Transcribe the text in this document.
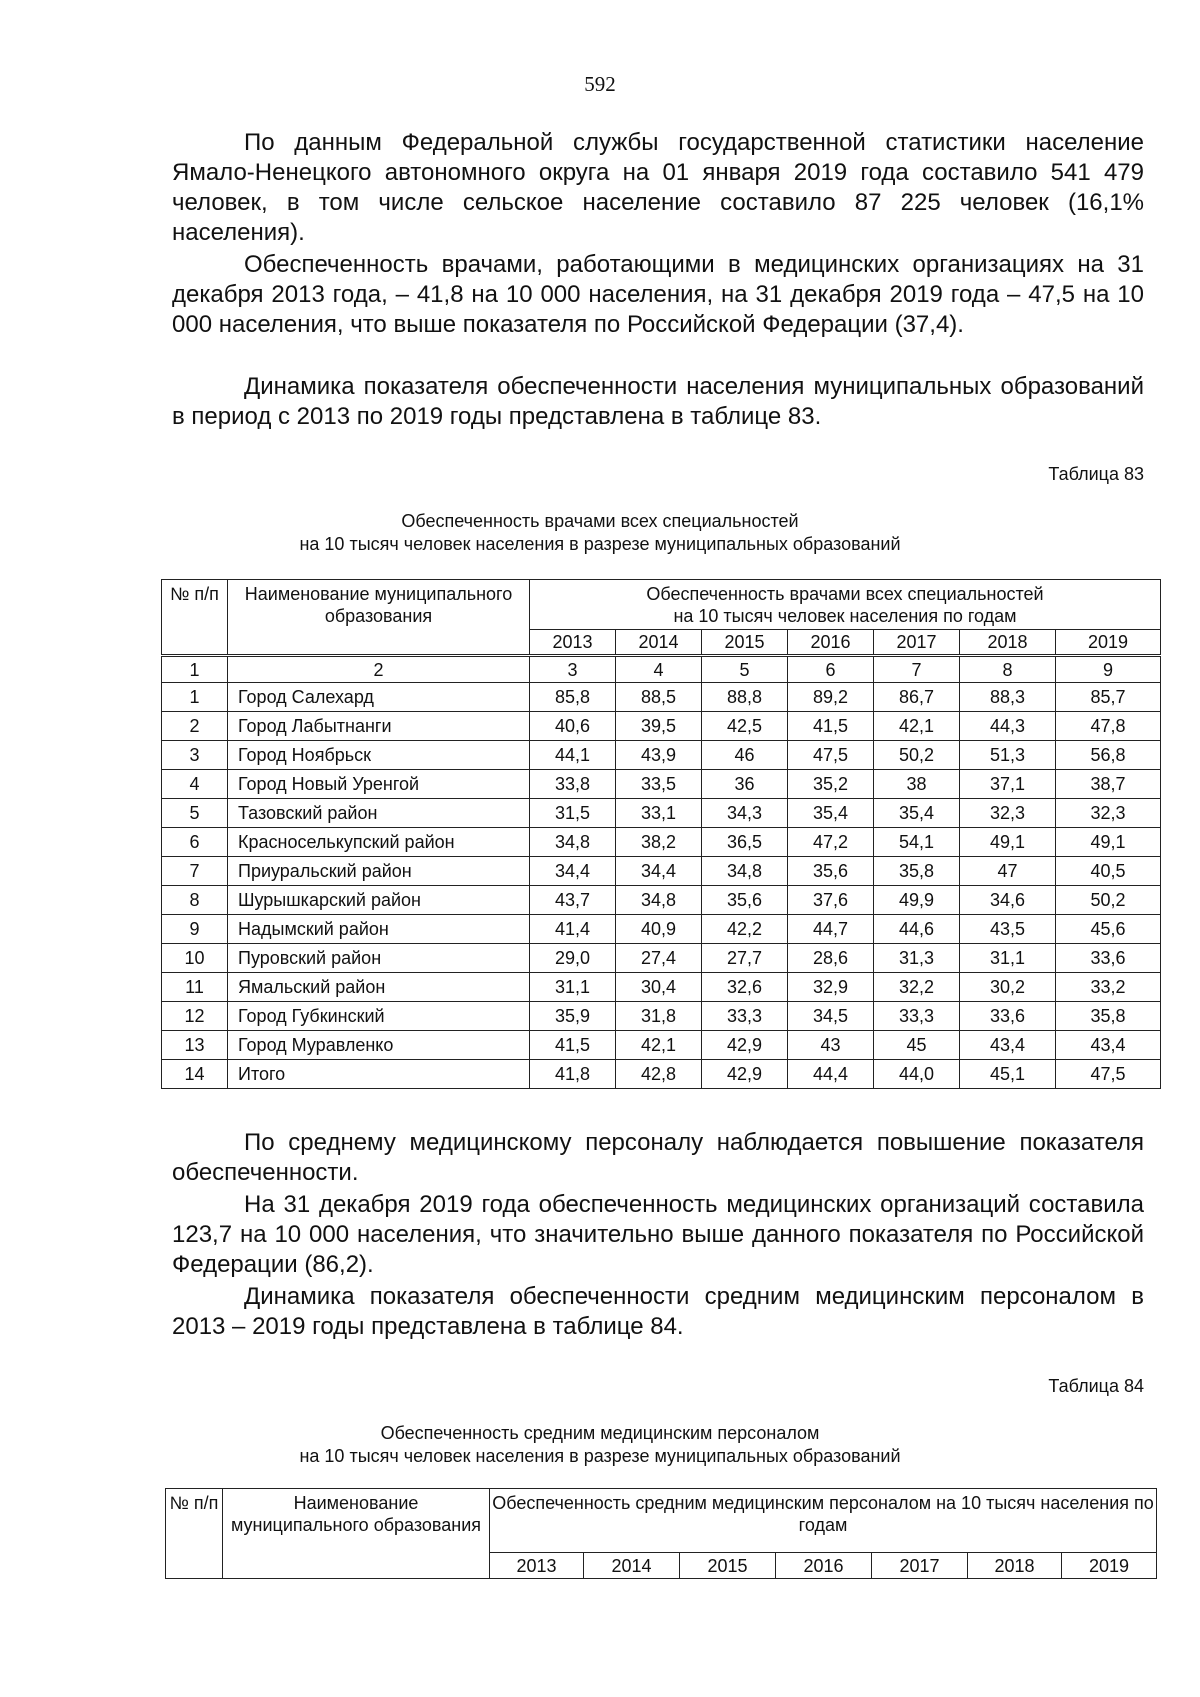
592

По данным Федеральной службы государственной статистики население Ямало-Ненецкого автономного округа на 01 января 2019 года составило 541 479 человек, в том числе сельское население составило 87 225 человек (16,1% населения).

Обеспеченность врачами, работающими в медицинских организациях на 31 декабря 2013 года, – 41,8 на 10 000 населения, на 31 декабря 2019 года – 47,5 на 10 000 населения, что выше показателя по Российской Федерации (37,4).

Динамика показателя обеспеченности населения муниципальных образований в период с 2013 по 2019 годы представлена в таблице 83.

Таблица 83
Обеспеченность врачами всех специальностей
на 10 тысяч человек населения в разрезе муниципальных образований
№ п/п	Наименование муниципального образования	Обеспеченность врачами всех специальностей
на 10 тысяч человек населения по годам						

		2013	2014	2015	2016	2017	2018	2019
1	2	3	4	5	6	7	8	9
1	Город Салехард	85,8	88,5	88,8	89,2	86,7	88,3	85,7
2	Город Лабытнанги	40,6	39,5	42,5	41,5	42,1	44,3	47,8
3	Город Ноябрьск	44,1	43,9	46	47,5	50,2	51,3	56,8
4	Город Новый Уренгой	33,8	33,5	36	35,2	38	37,1	38,7
5	Тазовский район	31,5	33,1	34,3	35,4	35,4	32,3	32,3
6	Красноселькупский район	34,8	38,2	36,5	47,2	54,1	49,1	49,1
7	Приуральский район	34,4	34,4	34,8	35,6	35,8	47	40,5
8	Шурышкарский район	43,7	34,8	35,6	37,6	49,9	34,6	50,2
9	Надымский район	41,4	40,9	42,2	44,7	44,6	43,5	45,6
10	Пуровский район	29,0	27,4	27,7	28,6	31,3	31,1	33,6
11	Ямальский район	31,1	30,4	32,6	32,9	32,2	30,2	33,2
12	Город Губкинский	35,9	31,8	33,3	34,5	33,3	33,6	35,8
13	Город Муравленко	41,5	42,1	42,9	43	45	43,4	43,4
14	Итого	41,8	42,8	42,9	44,4	44,0	45,1	47,5

По среднему медицинскому персоналу наблюдается повышение показателя обеспеченности.

На 31 декабря 2019 года обеспеченность медицинских организаций составила 123,7 на 10 000 населения, что значительно выше данного показателя по Российской Федерации (86,2).

Динамика показателя обеспеченности средним медицинским персоналом в 2013 – 2019 годы представлена в таблице 84.

Таблица 84
Обеспеченность средним медицинским персоналом
на 10 тысяч человек населения в разрезе муниципальных образований
№ п/п	Наименование муниципального образования	Обеспеченность средним медицинским персоналом на 10 тысяч населения по годам						
		2013	2014	2015	2016	2017	2018	2019
